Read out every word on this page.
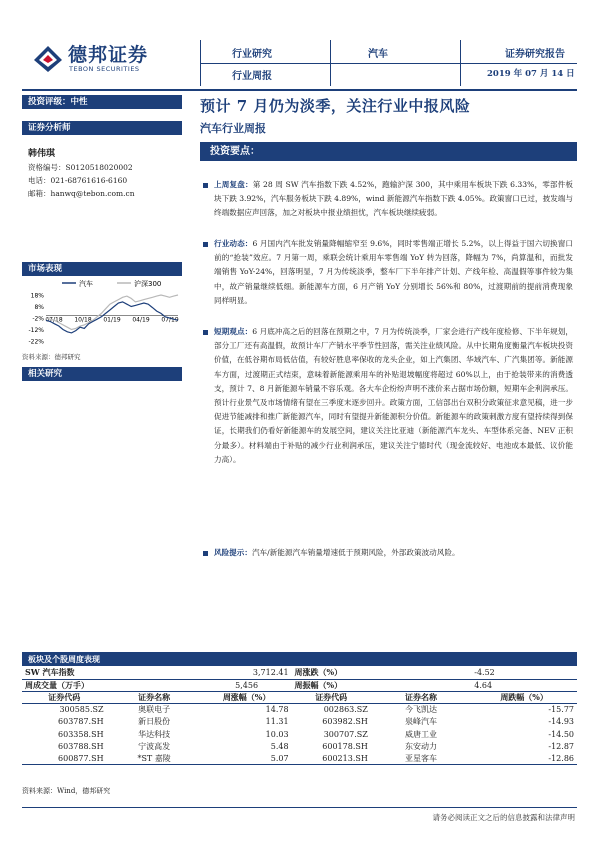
德邦证券
TEBON SECURITIES
行业研究
行业周报
汽车	证券研究报告
2019 年 07 月 14 日
投资评级：中性
证券分析师
韩伟琪
资格编号：S0120518020002
电话：021-68761616-6160
邮箱：hanwq@tebon.com.cn
市场表现
汽车	沪深300
18%
8%
-2%
-12%
-22%
07/18 10/18 01/19 04/19 07/19
资料来源：德邦研究
相关研究
预计 7 月仍为淡季，关注行业中报风险
汽车行业周报
投资要点：
上周复盘：第 28 周 SW 汽车指数下跌 4.52%，跑输沪深 300，其中乘用车板块下跌 6.33%，零部件板块下跌 3.92%，汽车服务板块下跌 4.89%，wind 新能源汽车指数下跌 4.05%。政策窗口已过，披发端与终端数据应声回落，加之对板块中报业绩担忧，汽车板块继续疲弱。
行业动态：6 月国内汽车批发销量降幅缩窄至 9.6%，同时零售端正增长 5.2%，以上得益于国六切换窗口前的“抢装”效应。7 月第一周，乘联会统计乘用车零售端 YoY 转为回落，降幅为 7%，尚算温和，而批发端销售 YoY-24%，回落明显，7 月为传统淡季，整车厂下半年排产计划、产线年检、高温假等事件较为集中，故产销量继续低细。新能源车方面，6 月产销 YoY 分别增长 56%和 80%，过渡期前的提前消费现象同样明显。
短期观点：6 月底冲高之后的回落在预期之中，7 月为传统淡季，厂家会进行产线年度检修、下半年规划，部分工厂还有高温假，故预计车厂产销水平季节性回落，需关注业绩风险。从中长期角度衡量汽车板块投资价值，在低谷期布局低估值，有较好胜息率保收的龙头企业，如上汽集团、华域汽车、广汽集团等。新能源车方面，过渡期正式结束，意味着新能源乘用车的补贴退坡幅度将超过 60%以上，由于抢装带来的消费透支，预计 7、8 月新能源车销量不容乐观。各大车企纷纷声明不涨价来占据市场份额，短期车企利润承压。预计行业景气及市场情绪有望在三季度末逐步回升。政策方面，工信部出台双积分政策征求意见稿，进一步促进节能减排和推广新能源汽车，同时有望提升新能源积分价值。新能源车的政策刺激方度有望持续得到保证，长期我们仍看好新能源车的发展空间，建议关注比亚迪（新能源汽车龙头、车型体系完备、NEV 正积分最多）。材料端由于补贴的减少行业利润承压，建议关注宁德时代（现金流较好、电池成本最低、议价能力高）。
风险提示：汽车/新能源汽车销量增速低于预期风险，外部政策波动风险。
板块及个股周度表现
SW 汽车指数		3,712.41	周涨跌（%）		-4.52
周成交量（万手）		5,456	周振幅（%）		4.64
证券代码	证券名称	周涨幅（%）	证券代码	证券名称	周跌幅（%）
300585.SZ	奥联电子	14.78	002863.SZ	今飞凯达	-15.77
603787.SH	新日股份	11.31	603982.SH	泉峰汽车	-14.93
603358.SH	华达科技	10.03	300707.SZ	威唐工业	-14.50
603788.SH	宁波高发	5.48	600178.SH	东安动力	-12.87
600877.SH	*ST 嘉陵	5.07	600213.SH	亚星客车	-12.86
资料来源：Wind，德邦研究
请务必阅读正文之后的信息披露和法律声明
